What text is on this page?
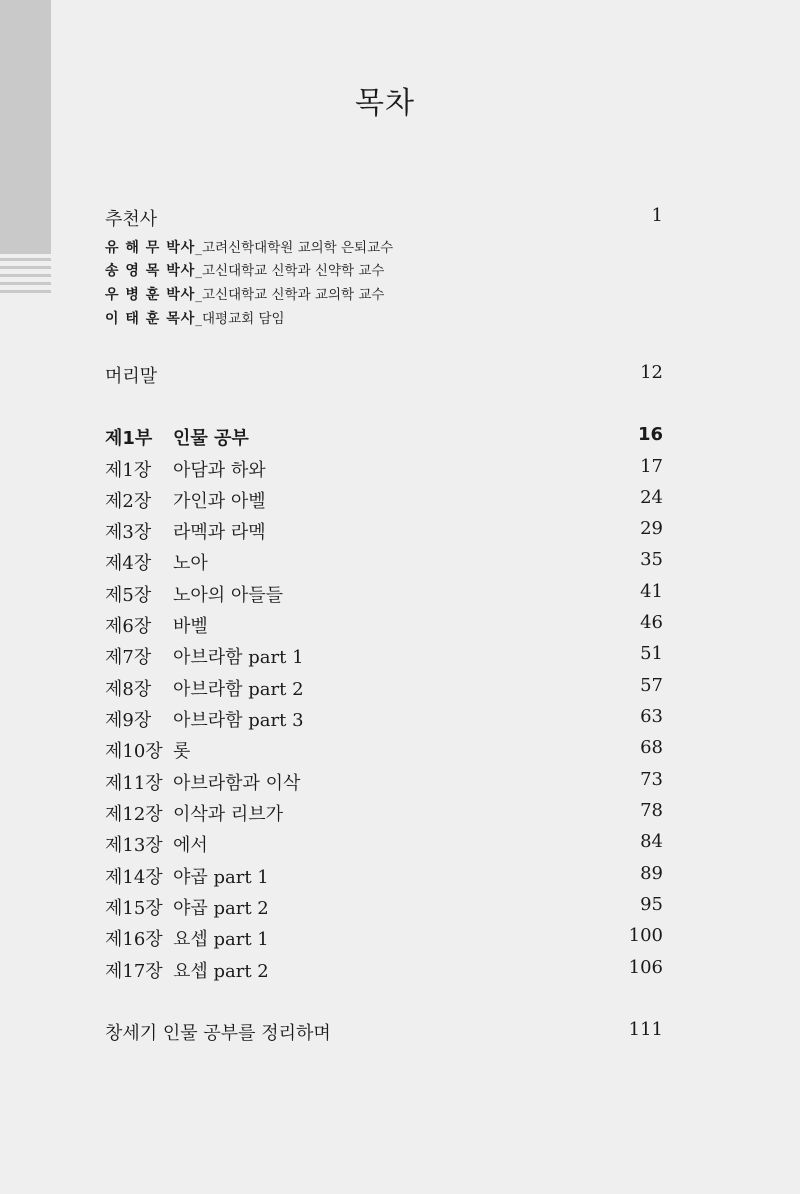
목차
추천사	1
유 해 무 박사_고려신학대학원 교의학 은퇴교수
송 영 목 박사_고신대학교 신학과 신약학 교수
우 병 훈 박사_고신대학교 신학과 교의학 교수
이 태 훈 목사_대평교회 담임
머리말	12
제1부 인물 공부	16
제1장 아담과 하와	17
제2장 가인과 아벨	24
제3장 라멕과 라멕	29
제4장 노아	35
제5장 노아의 아들들	41
제6장 바벨	46
제7장 아브라함 part 1	51
제8장 아브라함 part 2	57
제9장 아브라함 part 3	63
제10장 롯	68
제11장 아브라함과 이삭	73
제12장 이삭과 리브가	78
제13장 에서	84
제14장 야곱 part 1	89
제15장 야곱 part 2	95
제16장 요셉 part 1	100
제17장 요셉 part 2	106
창세기 인물 공부를 정리하며	111
